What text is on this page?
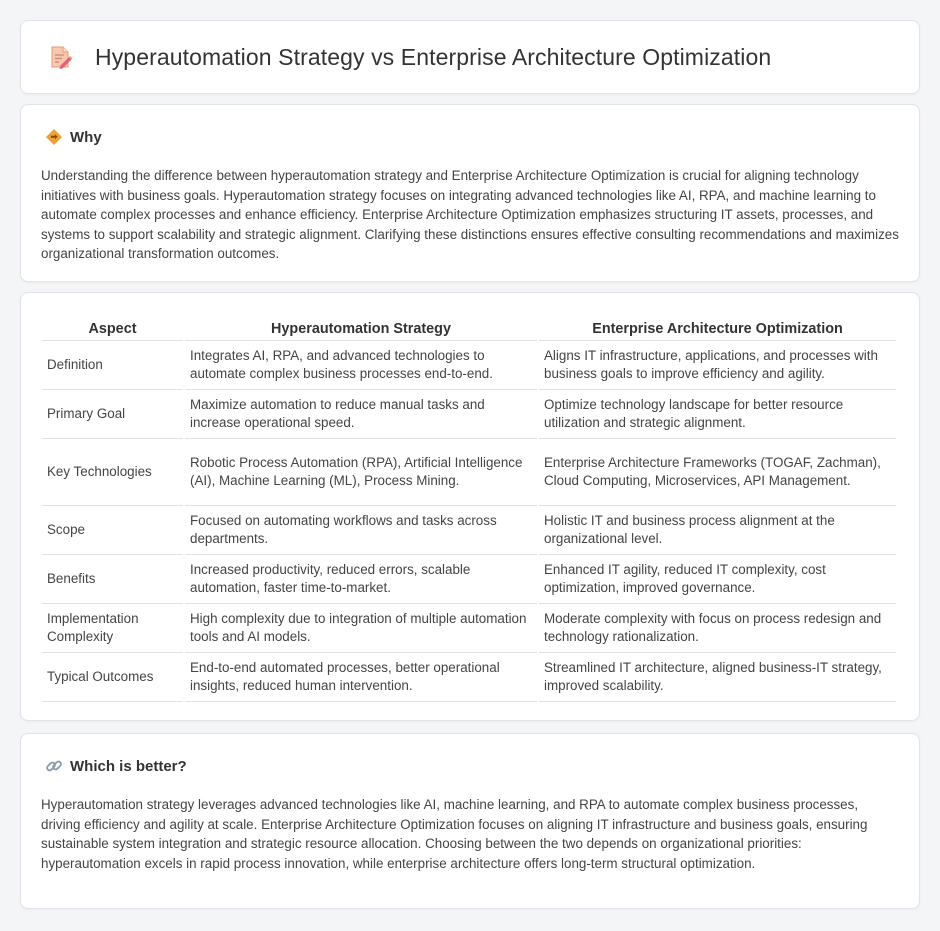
Hyperautomation Strategy vs Enterprise Architecture Optimization
Why

Understanding the difference between hyperautomation strategy and Enterprise Architecture Optimization is crucial for aligning technology initiatives with business goals. Hyperautomation strategy focuses on integrating advanced technologies like AI, RPA, and machine learning to automate complex processes and enhance efficiency. Enterprise Architecture Optimization emphasizes structuring IT assets, processes, and systems to support scalability and strategic alignment. Clarifying these distinctions ensures effective consulting recommendations and maximizes organizational transformation outcomes.

Aspect	Hyperautomation Strategy	Enterprise Architecture Optimization
Definition	Integrates AI, RPA, and advanced technologies to automate complex business processes end-to-end.	Aligns IT infrastructure, applications, and processes with business goals to improve efficiency and agility.
Primary Goal	Maximize automation to reduce manual tasks and increase operational speed.	Optimize technology landscape for better resource utilization and strategic alignment.
Key Technologies	Robotic Process Automation (RPA), Artificial Intelligence (AI), Machine Learning (ML), Process Mining.	Enterprise Architecture Frameworks (TOGAF, Zachman), Cloud Computing, Microservices, API Management.
Scope	Focused on automating workflows and tasks across departments.	Holistic IT and business process alignment at the organizational level.
Benefits	Increased productivity, reduced errors, scalable automation, faster time-to-market.	Enhanced IT agility, reduced IT complexity, cost optimization, improved governance.
Implementation Complexity	High complexity due to integration of multiple automation tools and AI models.	Moderate complexity with focus on process redesign and technology rationalization.
Typical Outcomes	End-to-end automated processes, better operational insights, reduced human intervention.	Streamlined IT architecture, aligned business-IT strategy, improved scalability.
Which is better?

Hyperautomation strategy leverages advanced technologies like AI, machine learning, and RPA to automate complex business processes, driving efficiency and agility at scale. Enterprise Architecture Optimization focuses on aligning IT infrastructure and business goals, ensuring sustainable system integration and strategic resource allocation. Choosing between the two depends on organizational priorities: hyperautomation excels in rapid process innovation, while enterprise architecture offers long-term structural optimization.
